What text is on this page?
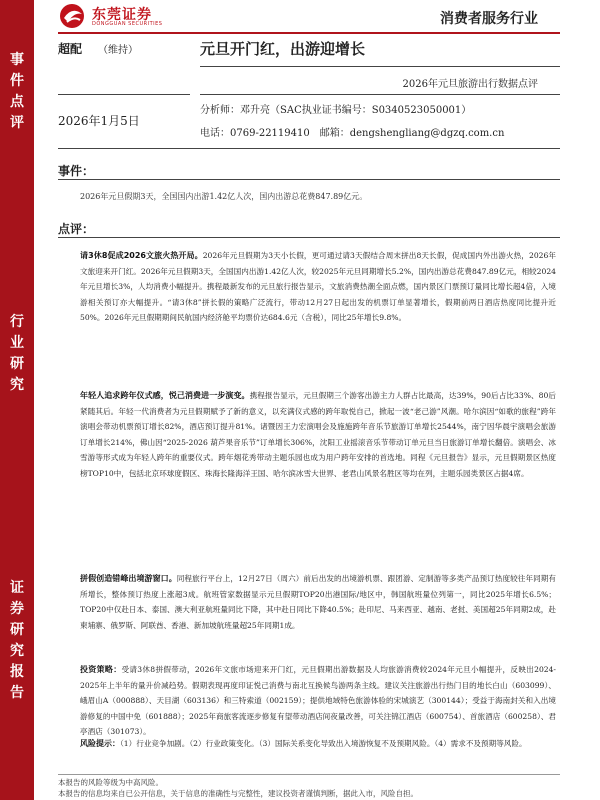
事
件
点
评
行
业
研
究
证
券
研
究
报
告
东莞证券
DONGGUAN SECURITIES	消费者服务行业
超配 （维持）	元旦开门红，出游迎增长
2026年元旦旅游出行数据点评
2026年1月5日
分析师：邓升亮（SAC执业证书编号：S0340523050001）
电话：0769-22119410　邮箱：dengshengliang@dgzq.com.cn
事件：
2026年元旦假期3天，全国国内出游1.42亿人次，国内出游总花费847.89亿元。
点评：

请3休8促成2026文旅火热开局。2026年元旦假期为3天小长假，更可通过请3天假结合周末拼出8天长假，促成国内外出游火热，2026年文旅迎来开门红。2026年元旦假期3天，全国国内出游1.42亿人次，较2025年元旦同期增长5.2%，国内出游总花费847.89亿元，相较2024年元旦增长3%，人均消费小幅提升。携程最新发布的元旦旅行报告显示，文旅消费热潮全面点燃，国内景区门票预订量同比增长超4倍，入境游相关预订亦大幅提升。“请3休8”拼长假的策略广泛流行，带动12月27日起出发的机票订单显著增长，假期前两日酒店热度同比提升近50%。2026年元旦假期期间民航国内经济舱平均票价达684.6元（含税），同比25年增长9.8%。

年轻人追求跨年仪式感，悦己消费进一步演变。携程报告显示，元旦假期三个游客出游主力人群占比最高，达39%，90后占比33%、80后紧随其后。年轻一代消费者为元旦假期赋予了新的意义，以充满仪式感的跨年取悦自己，掀起一波“老己游”风潮。哈尔滨因“如歌的旅程”跨年演唱会带动机票预订增长82%，酒店预订提升81%。诸暨因王力宏演唱会及施施跨年音乐节旅游订单增长2544%，南宁因华晨宇演唱会旅游订单增长214%，佛山因“2025-2026 葫芦果音乐节”订单增长306%，沈阳工业摇滚音乐节带动订单元旦当日旅游订单增长翻倍。演唱会、冰雪游等形式成为年轻人跨年的重要仪式。跨年烟花秀带动主题乐园也成为用户跨年安排的首选地。同程《元旦报告》显示，元旦假期景区热度榜TOP10中，包括北京环球度假区、珠海长隆海洋王国、哈尔滨冰雪大世界、老君山风景名胜区等均在列，主题乐园类景区占据4席。

拼假创造错峰出境游窗口。同程旅行平台上，12月27日（周六）前后出发的出境游机票、跟团游、定制游等多类产品预订热度较往年同期有所增长，整体预订热度上涨超3成。航班管家数据显示元旦假期TOP20出港国际/地区中，韩国航班量位列第一，同比2025年增长6.5%；TOP20中仅赴日本、泰国、澳大利亚航班量同比下降，其中赴日同比下降40.5%；赴印尼、马来西亚、越南、老挝、美国超25年同期2成，赴柬埔寨、俄罗斯、阿联酋、香港、新加坡航班量超25年同期1成。

投资策略：受请3休8拼假带动，2026年文旅市场迎来开门红，元旦假期出游数据及人均旅游消费较2024年元旦小幅提升，反映出2024-2025年上半年的量升价减趋势。假期表现再度印证悦己消费与南北互换候鸟游两条主线。建议关注旅游出行热门目的地长白山（603099）、峨眉山A（000888）、天目湖（603136）和三特索道（002159）；提供地域特色旅游体验的宋城演艺（300144）；受益于海南封关和入出境游修复的中国中免（601888）；2025年商旅客流逐步修复有望带动酒店间夜量改善，可关注锦江酒店（600754）、首旅酒店（600258）、君亭酒店（301073）。

风险提示：（1）行业竞争加剧。（2）行业政策变化。（3）国际关系变化导致出入境游恢复不及预期风险。（4）需求不及预期等风险。

本报告的风险等级为中高风险。
本报告的信息均来自已公开信息，关于信息的准确性与完整性，建议投资者谨慎判断，据此入市，风险自担。
